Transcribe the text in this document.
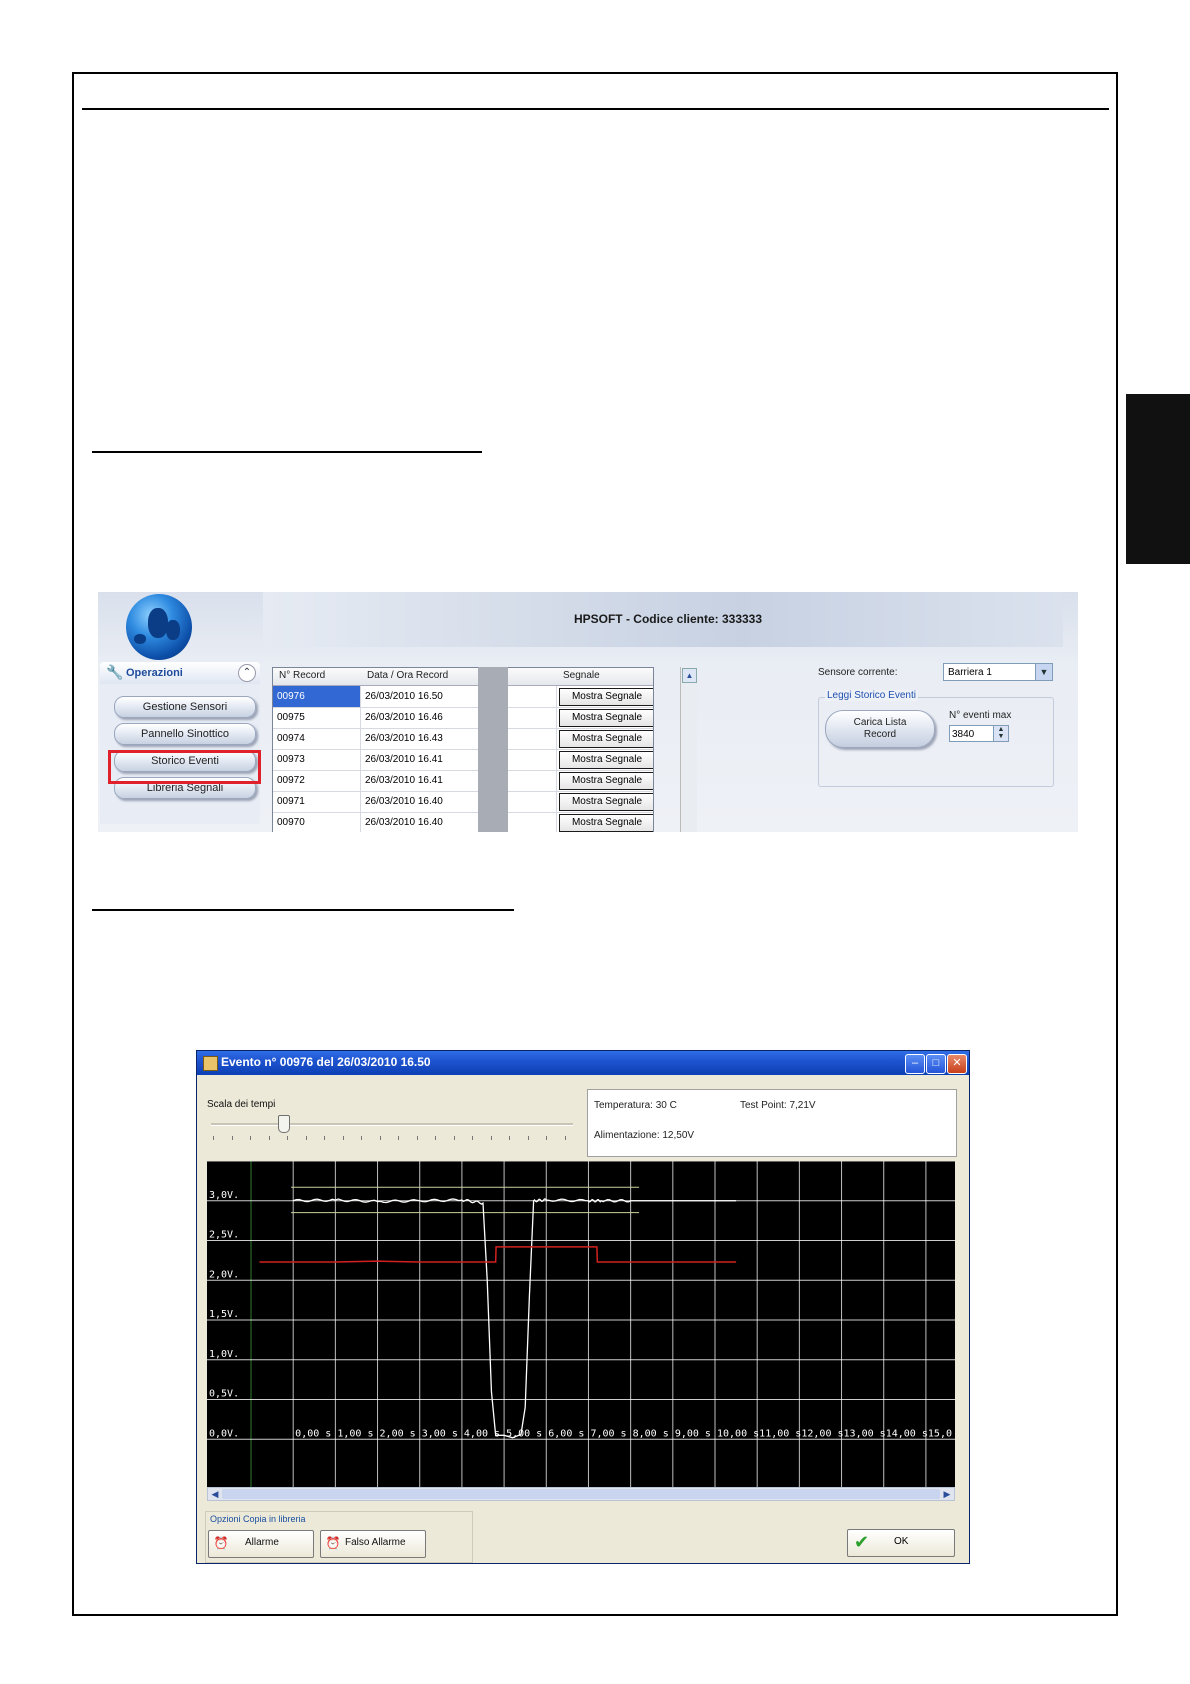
HPSOFT - Codice cliente: 333333
🔧 Operazioni	⌃
Gestione Sensori
Pannello Sinottico
Storico Eventi
Libreria Segnali
N° Record	Data / Ora Record	Segnale
00976	26/03/2010 16.50	Mostra Segnale
00975	26/03/2010 16.46	Mostra Segnale
00974	26/03/2010 16.43	Mostra Segnale
00973	26/03/2010 16.41	Mostra Segnale
00972	26/03/2010 16.41	Mostra Segnale
00971	26/03/2010 16.40	Mostra Segnale
00970	26/03/2010 16.40	Mostra Segnale
▲	Sensore corrente:	Barriera 1	▼
Leggi Storico Eventi
Carica Lista
Record
N° eventi max
3840	▲
▼
Evento n° 00976 del 26/03/2010 16.50	–	□	✕
Scala dei tempi	Temperatura: 30 C	Test Point: 7,21V
Alimentazione: 12,50V
0,0V.
0,5V.
1,0V.
1,5V.
2,0V.
2,5V.
3,0V.
0,00 s 1,00 s 2,00 s 3,00 s 4,00 s 5,00 s 6,00 s 7,00 s 8,00 s 9,00 s 10,00 s 11,00 s 12,00 s 13,00 s 14,00 s 15,0
◀	▶
Opzioni Copia in libreria
⏰ Allarme	⏰ Falso Allarme	✔ OK
